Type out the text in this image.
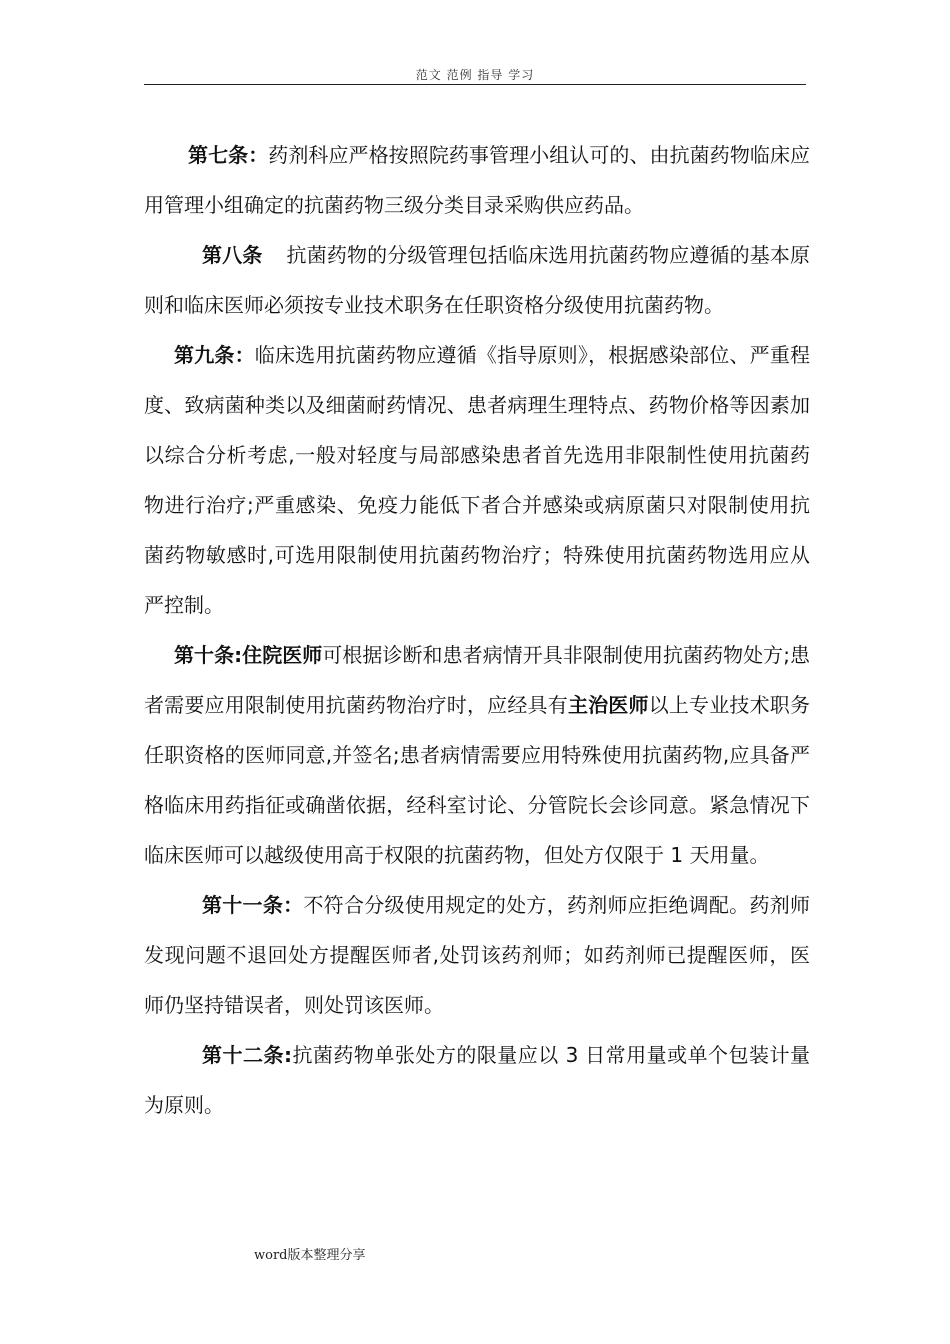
范文 范例 指导 学习

第七条：药剂科应严格按照院药事管理小组认可的、由抗菌药物临床应用管理小组确定的抗菌药物三级分类目录采购供应药品。

第八条 抗菌药物的分级管理包括临床选用抗菌药物应遵循的基本原则和临床医师必须按专业技术职务在任职资格分级使用抗菌药物。

第九条：临床选用抗菌药物应遵循《指导原则》，根据感染部位、严重程度、致病菌种类以及细菌耐药情况、患者病理生理特点、药物价格等因素加以综合分析考虑,一般对轻度与局部感染患者首先选用非限制性使用抗菌药物进行治疗;严重感染、免疫力能低下者合并感染或病原菌只对限制使用抗菌药物敏感时,可选用限制使用抗菌药物治疗；特殊使用抗菌药物选用应从严控制。

第十条:住院医师可根据诊断和患者病情开具非限制使用抗菌药物处方;患者需要应用限制使用抗菌药物治疗时，应经具有主治医师以上专业技术职务任职资格的医师同意,并签名;患者病情需要应用特殊使用抗菌药物,应具备严格临床用药指征或确凿依据，经科室讨论、分管院长会诊同意。紧急情况下临床医师可以越级使用高于权限的抗菌药物，但处方仅限于 1 天用量。

第十一条：不符合分级使用规定的处方，药剂师应拒绝调配。药剂师发现问题不退回处方提醒医师者,处罚该药剂师；如药剂师已提醒医师，医师仍坚持错误者，则处罚该医师。

第十二条:抗菌药物单张处方的限量应以 3 日常用量或单个包装计量为原则。

word版本整理分享
